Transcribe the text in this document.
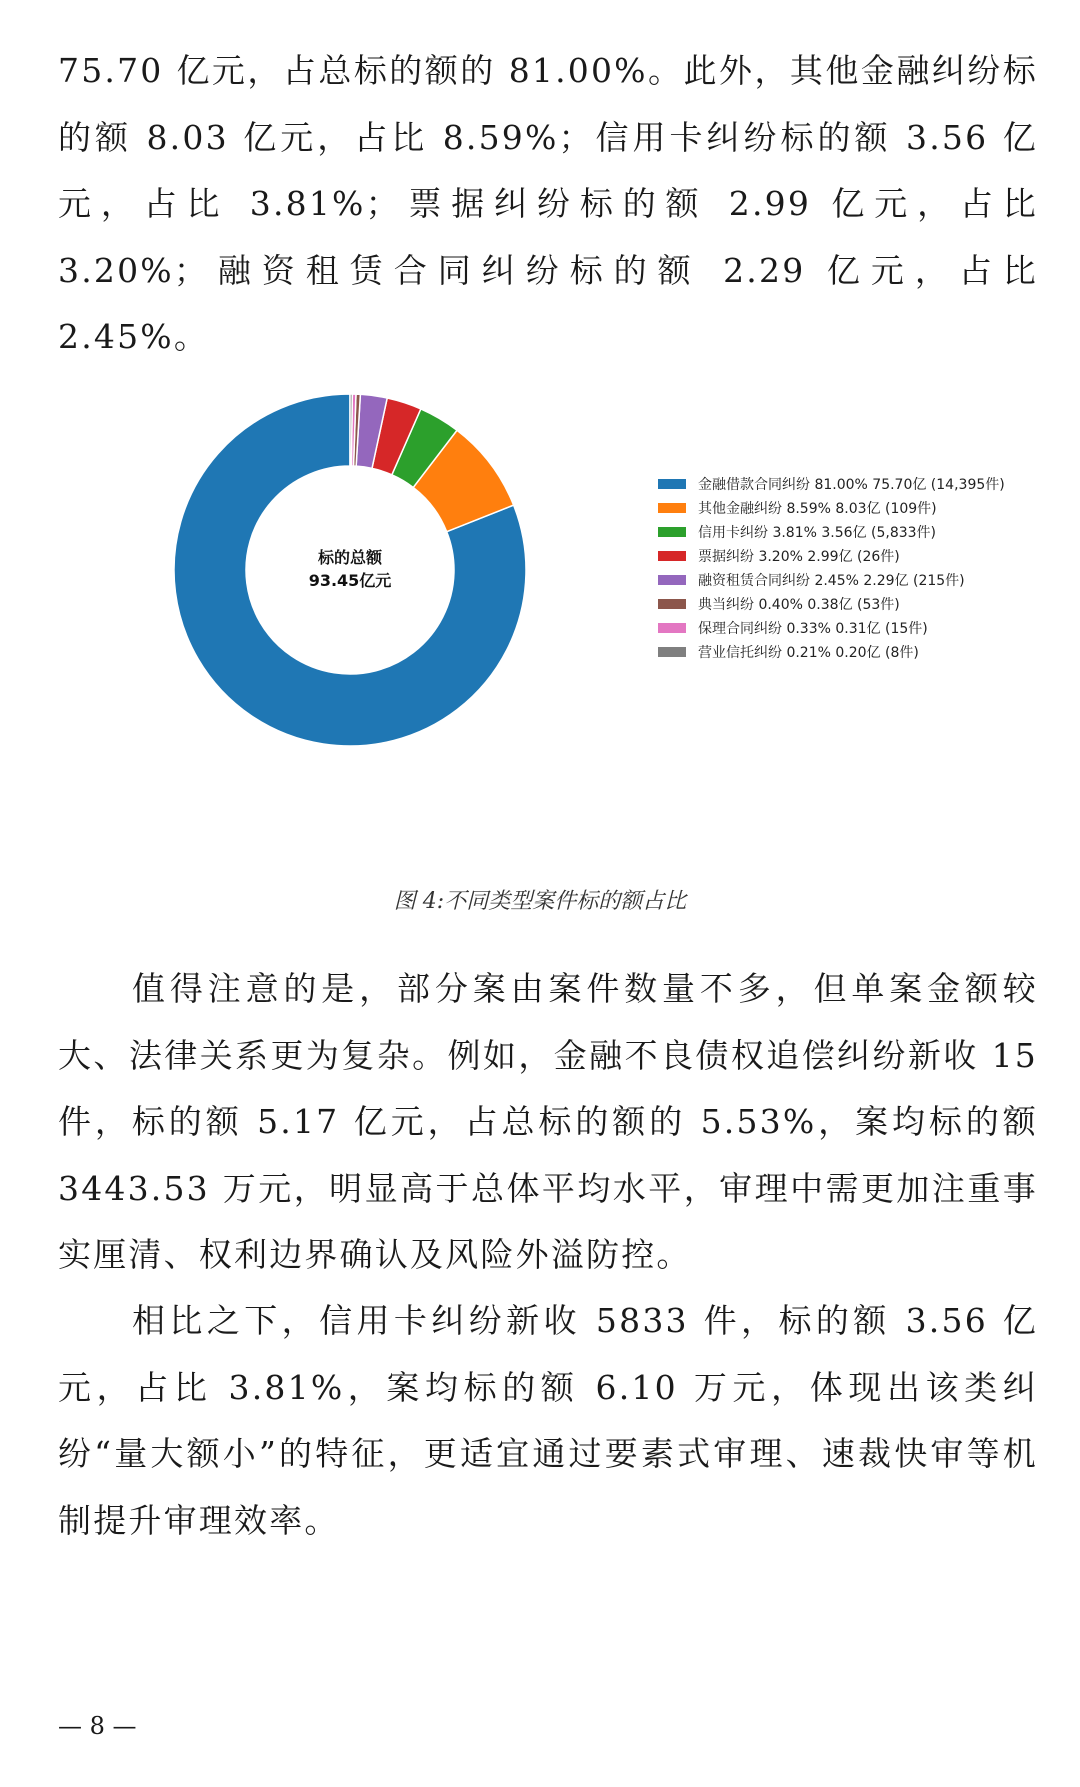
75.70 亿元，占总标的额的 81.00%。此外，其他金融纠纷标的额 8.03 亿元，占比 8.59%；信用卡纠纷标的额 3.56 亿元，占比 3.81%；票据纠纷标的额 2.99 亿元，占比 3.20%；融资租赁合同纠纷标的额 2.29 亿元，占比 2.45%。

标的总额
93.45亿元
金融借款合同纠纷 81.00% 75.70亿 (14,395件)
其他金融纠纷 8.59% 8.03亿 (109件)
信用卡纠纷 3.81% 3.56亿 (5,833件)
票据纠纷 3.20% 2.99亿 (26件)
融资租赁合同纠纷 2.45% 2.29亿 (215件)
典当纠纷 0.40% 0.38亿 (53件)
保理合同纠纷 0.33% 0.31亿 (15件)
营业信托纠纷 0.21% 0.20亿 (8件)

图 4:不同类型案件标的额占比

值得注意的是，部分案由案件数量不多，但单案金额较大、法律关系更为复杂。例如，金融不良债权追偿纠纷新收 15 件，标的额 5.17 亿元，占总标的额的 5.53%，案均标的额 3443.53 万元，明显高于总体平均水平，审理中需更加注重事实厘清、权利边界确认及风险外溢防控。

相比之下，信用卡纠纷新收 5833 件，标的额 3.56 亿元，占比 3.81%，案均标的额 6.10 万元，体现出该类纠纷“量大额小”的特征，更适宜通过要素式审理、速裁快审等机制提升审理效率。

— 8 —
